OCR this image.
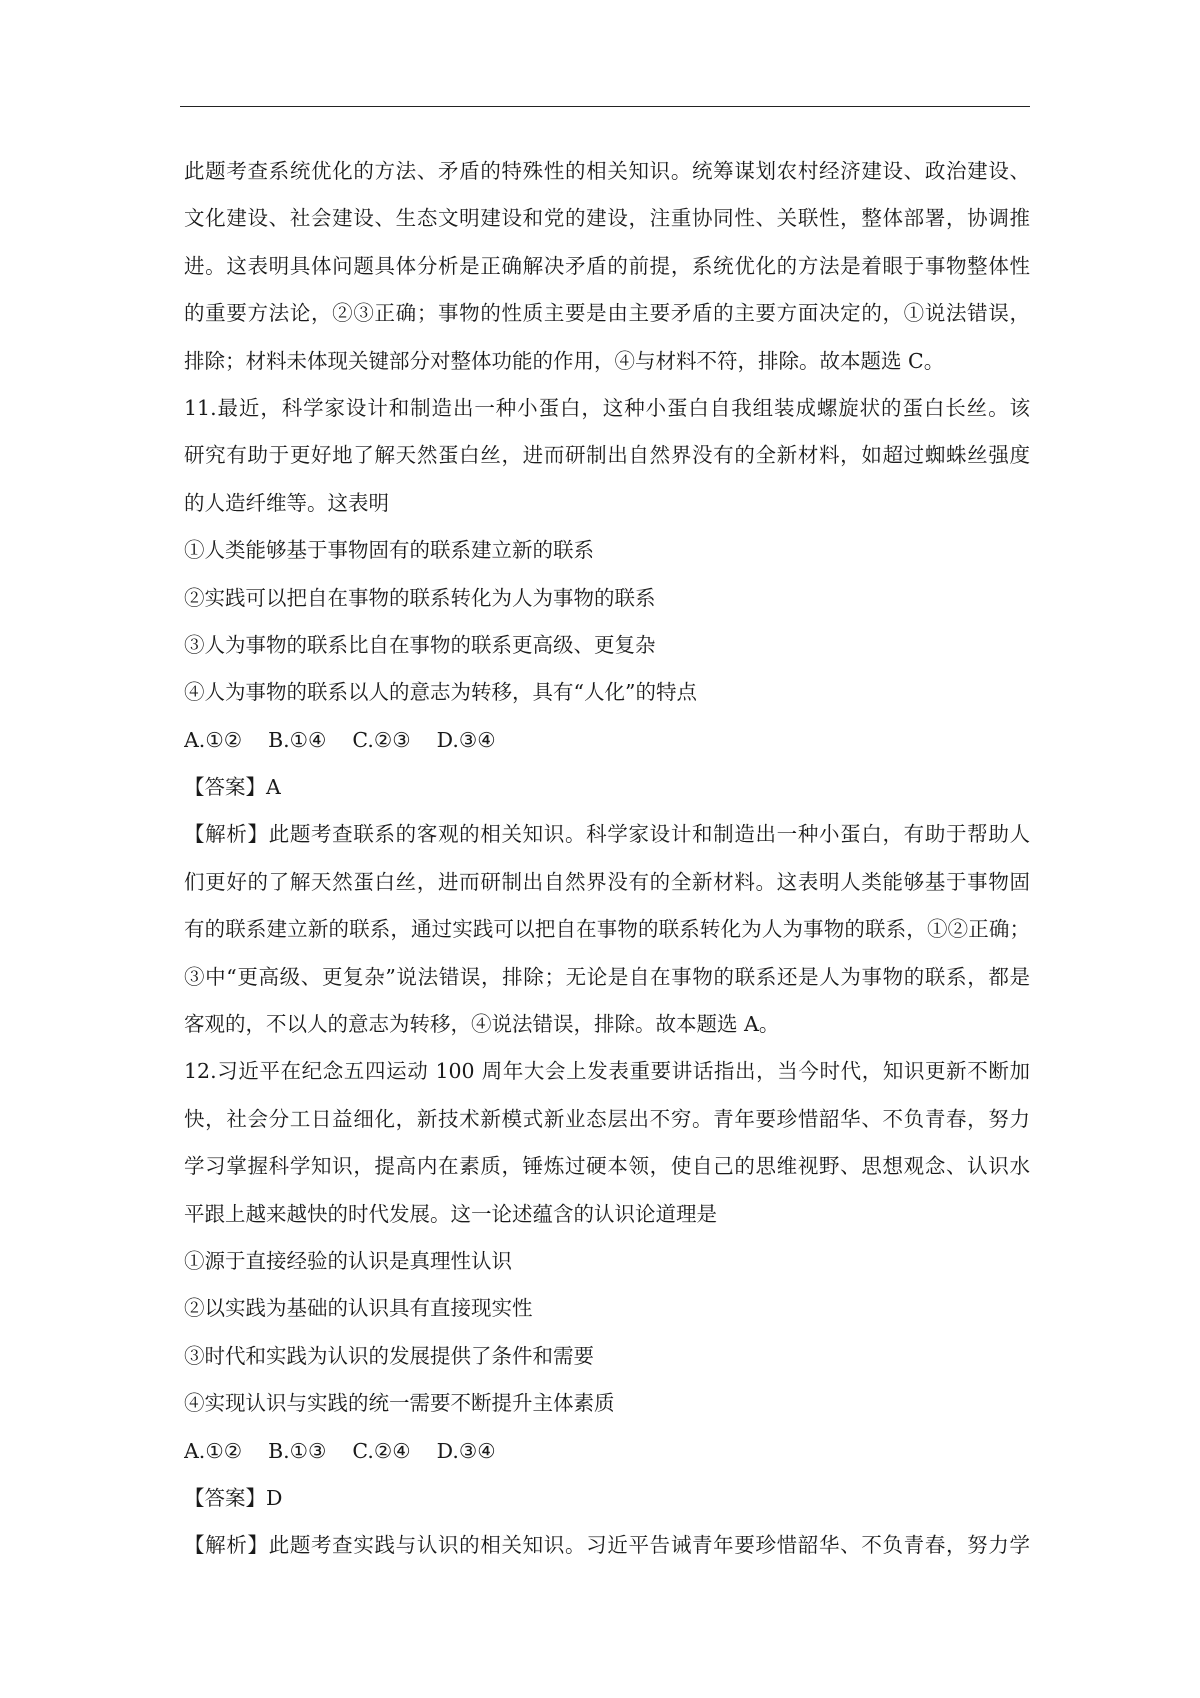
此题考查系统优化的方法、矛盾的特殊性的相关知识。统筹谋划农村经济建设、政治建设、
文化建设、社会建设、生态文明建设和党的建设，注重协同性、关联性，整体部署，协调推
进。这表明具体问题具体分析是正确解决矛盾的前提，系统优化的方法是着眼于事物整体性
的重要方法论，②③正确；事物的性质主要是由主要矛盾的主要方面决定的，①说法错误，
排除；材料未体现关键部分对整体功能的作用，④与材料不符，排除。故本题选 C。
11.最近，科学家设计和制造出一种小蛋白，这种小蛋白自我组装成螺旋状的蛋白长丝。该
研究有助于更好地了解天然蛋白丝，进而研制出自然界没有的全新材料，如超过蜘蛛丝强度
的人造纤维等。这表明
①人类能够基于事物固有的联系建立新的联系
②实践可以把自在事物的联系转化为人为事物的联系
③人为事物的联系比自在事物的联系更高级、更复杂
④人为事物的联系以人的意志为转移，具有“人化”的特点
A.①② B.①④ C.②③ D.③④
【答案】A
【解析】此题考查联系的客观的相关知识。科学家设计和制造出一种小蛋白，有助于帮助人
们更好的了解天然蛋白丝，进而研制出自然界没有的全新材料。这表明人类能够基于事物固
有的联系建立新的联系，通过实践可以把自在事物的联系转化为人为事物的联系，①②正确；
③中“更高级、更复杂”说法错误，排除；无论是自在事物的联系还是人为事物的联系，都是
客观的，不以人的意志为转移，④说法错误，排除。故本题选 A。
12.习近平在纪念五四运动 100 周年大会上发表重要讲话指出，当今时代，知识更新不断加
快，社会分工日益细化，新技术新模式新业态层出不穷。青年要珍惜韶华、不负青春，努力
学习掌握科学知识，提高内在素质，锤炼过硬本领，使自己的思维视野、思想观念、认识水
平跟上越来越快的时代发展。这一论述蕴含的认识论道理是
①源于直接经验的认识是真理性认识
②以实践为基础的认识具有直接现实性
③时代和实践为认识的发展提供了条件和需要
④实现认识与实践的统一需要不断提升主体素质
A.①② B.①③ C.②④ D.③④
【答案】D
【解析】此题考查实践与认识的相关知识。习近平告诫青年要珍惜韶华、不负青春，努力学
